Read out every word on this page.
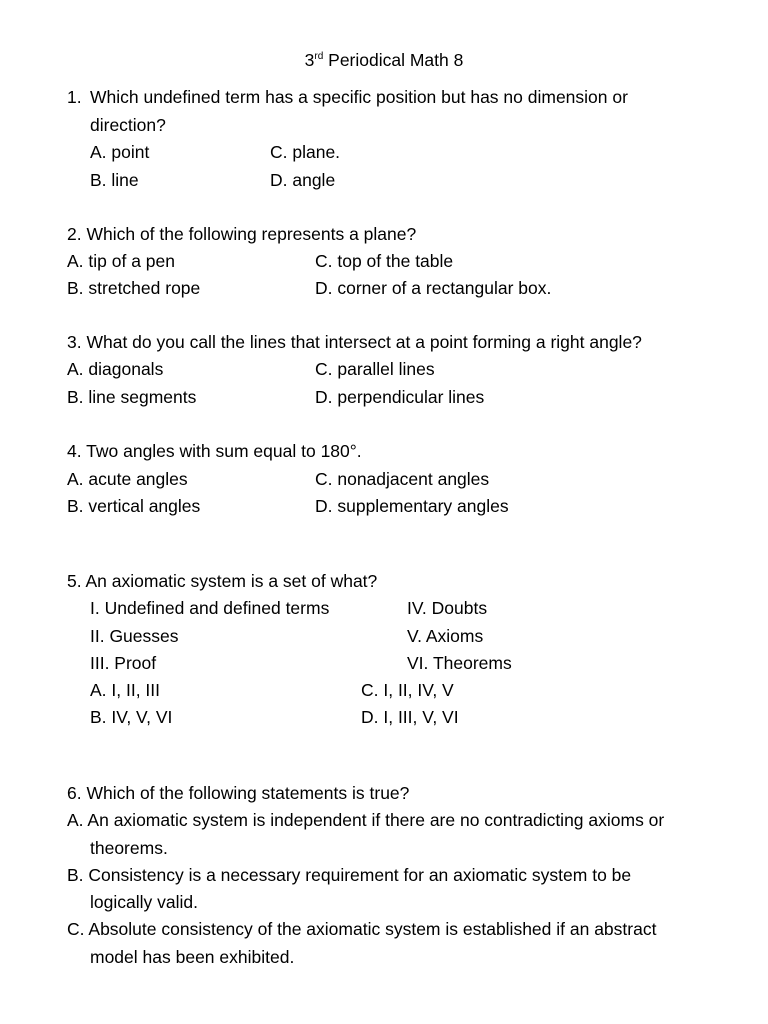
3rd Periodical Math 8
1. Which undefined term has a specific position but has no dimension or
direction?
A. point	C. plane.
B. line	D. angle
2. Which of the following represents a plane?
A. tip of a pen	C. top of the table
B. stretched rope	D. corner of a rectangular box.
3. What do you call the lines that intersect at a point forming a right angle?
A. diagonals	C. parallel lines
B. line segments	D. perpendicular lines
4. Two angles with sum equal to 180°.
A. acute angles	C. nonadjacent angles
B. vertical angles	D. supplementary angles
5. An axiomatic system is a set of what?
I. Undefined and defined terms	IV. Doubts
II. Guesses	V. Axioms
III. Proof	VI. Theorems
A. I, II, III	C. I, II, IV, V
B. IV, V, VI	D. I, III, V, VI
6. Which of the following statements is true?
A. An axiomatic system is independent if there are no contradicting axioms or
theorems.
B. Consistency is a necessary requirement for an axiomatic system to be
logically valid.
C. Absolute consistency of the axiomatic system is established if an abstract
model has been exhibited.
